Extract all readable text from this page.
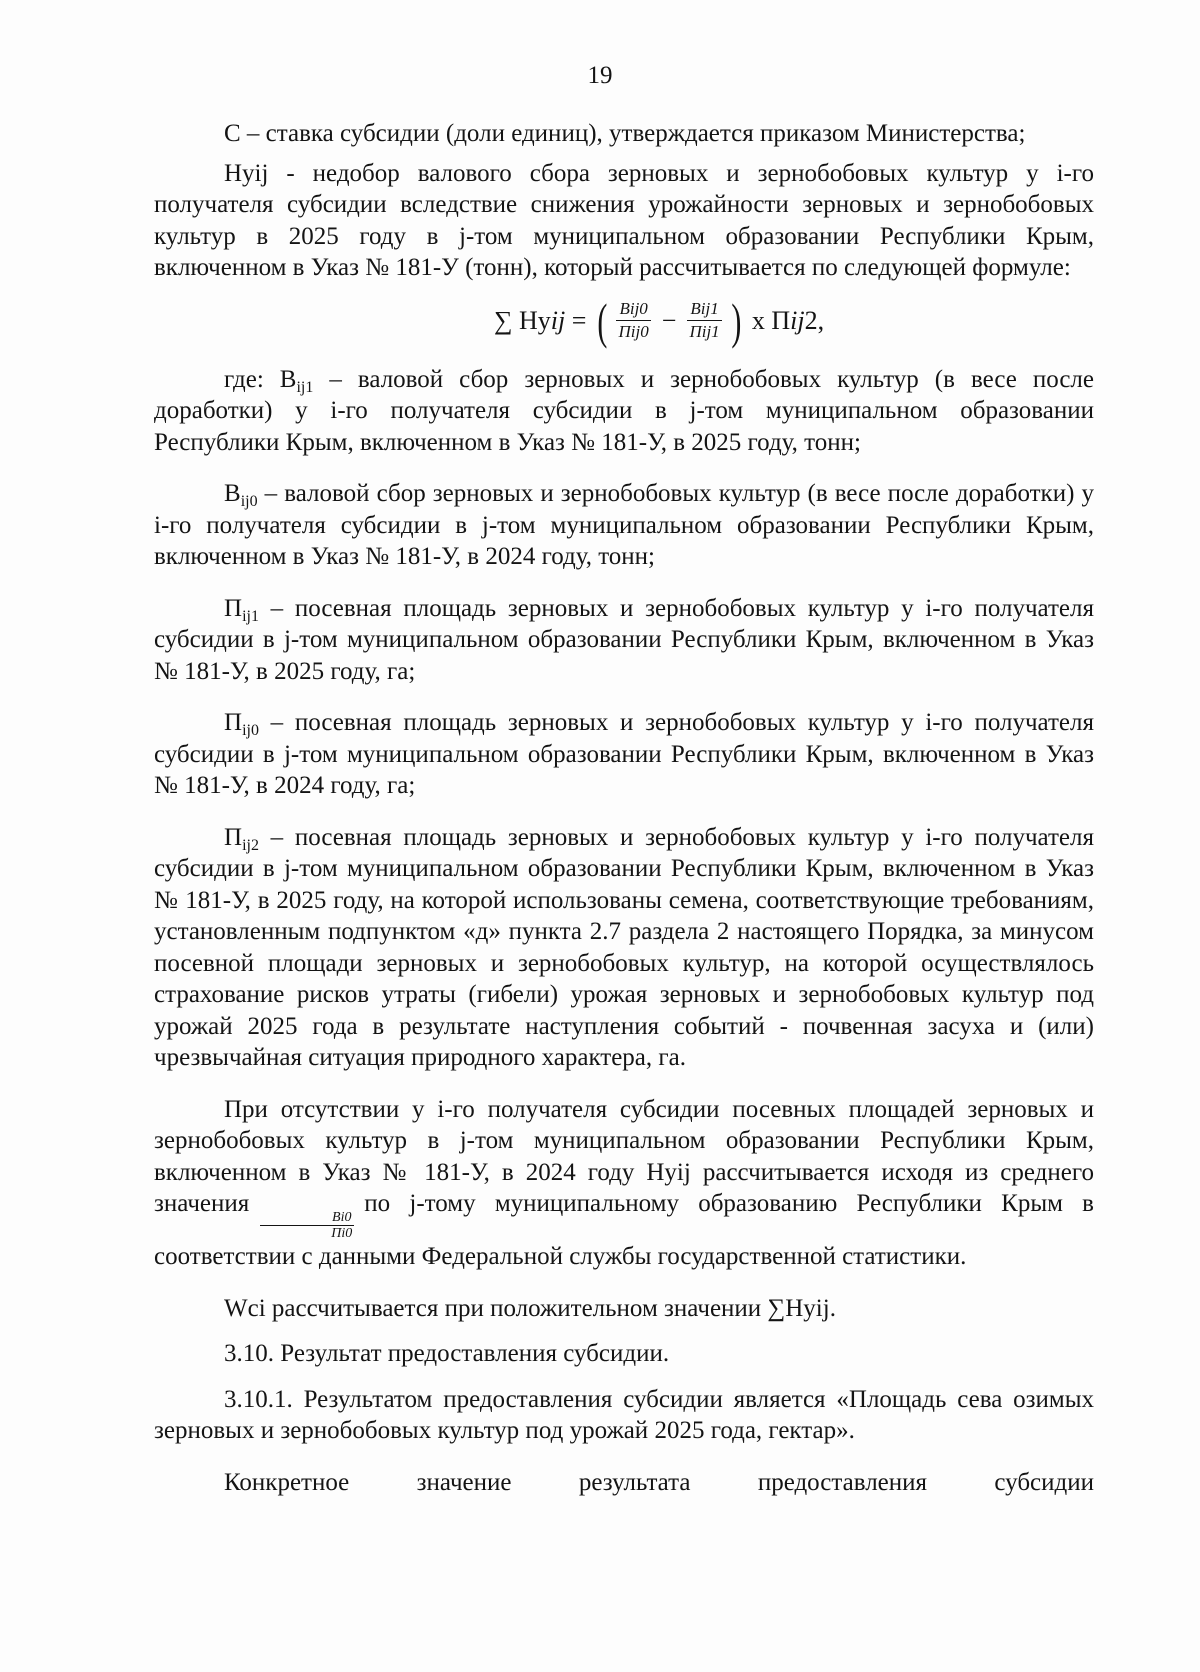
19

С – ставка субсидии (доли единиц), утверждается приказом Министерства;

Нуij - недобор валового сбора зерновых и зернобобовых культур у i-го получателя субсидии вследствие снижения урожайности зерновых и зернобобовых культур в 2025 году в j-том муниципальном образовании Республики Крым, включенном в Указ № 181-У (тонн), который рассчитывается по следующей формуле:

∑ Ну ij = ( $\frac{\text{Bij0}}{\text{Пij0}} - \frac{\text{Bij1}}{\text{Пij1}}$ ) х П ij 2,

где: $В_{ij1}$ – валовой сбор зерновых и зернобобовых культур (в весе после доработки) у i-го получателя субсидии в j-том муниципальном образовании Республики Крым, включенном в Указ № 181-У, в 2025 году, тонн;

$В_{ij0}$ – валовой сбор зерновых и зернобобовых культур (в весе после доработки) у i-го получателя субсидии в j-том муниципальном образовании Республики Крым, включенном в Указ № 181-У, в 2024 году, тонн;

$П_{ij1}$ – посевная площадь зерновых и зернобобовых культур у i-го получателя субсидии в j-том муниципальном образовании Республики Крым, включенном в Указ № 181-У, в 2025 году, га;

$П_{ij0}$ – посевная площадь зерновых и зернобобовых культур у i-го получателя субсидии в j-том муниципальном образовании Республики Крым, включенном в Указ № 181-У, в 2024 году, га;

$П_{ij2}$ – посевная площадь зерновых и зернобобовых культур у i-го получателя субсидии в j-том муниципальном образовании Республики Крым, включенном в Указ № 181-У, в 2025 году, на которой использованы семена, соответствующие требованиям, установленным подпунктом «д» пункта 2.7 раздела 2 настоящего Порядка, за минусом посевной площади зерновых и зернобобовых культур, на которой осуществлялось страхование рисков утраты (гибели) урожая зерновых и зернобобовых культур под урожай 2025 года в результате наступления событий - почвенная засуха и (или) чрезвычайная ситуация природного характера, га.

При отсутствии у i-го получателя субсидии посевных площадей зерновых и зернобобовых культур в j-том муниципальном образовании Республики Крым, включенном в Указ № 181-У, в 2024 году Нуij рассчитывается исходя из среднего значения
$\frac{Bi0}{Пi0}$
по j-тому муниципальному образованию Республики Крым в соответствии с данными Федеральной службы государственной статистики.

Wci рассчитывается при положительном значении ∑Нуij.

3.10. Результат предоставления субсидии.

3.10.1. Результатом предоставления субсидии является «Площадь сева озимых зерновых и зернобобовых культур под урожай 2025 года, гектар».

Конкретное	значение	результата	предоставления	субсидии
